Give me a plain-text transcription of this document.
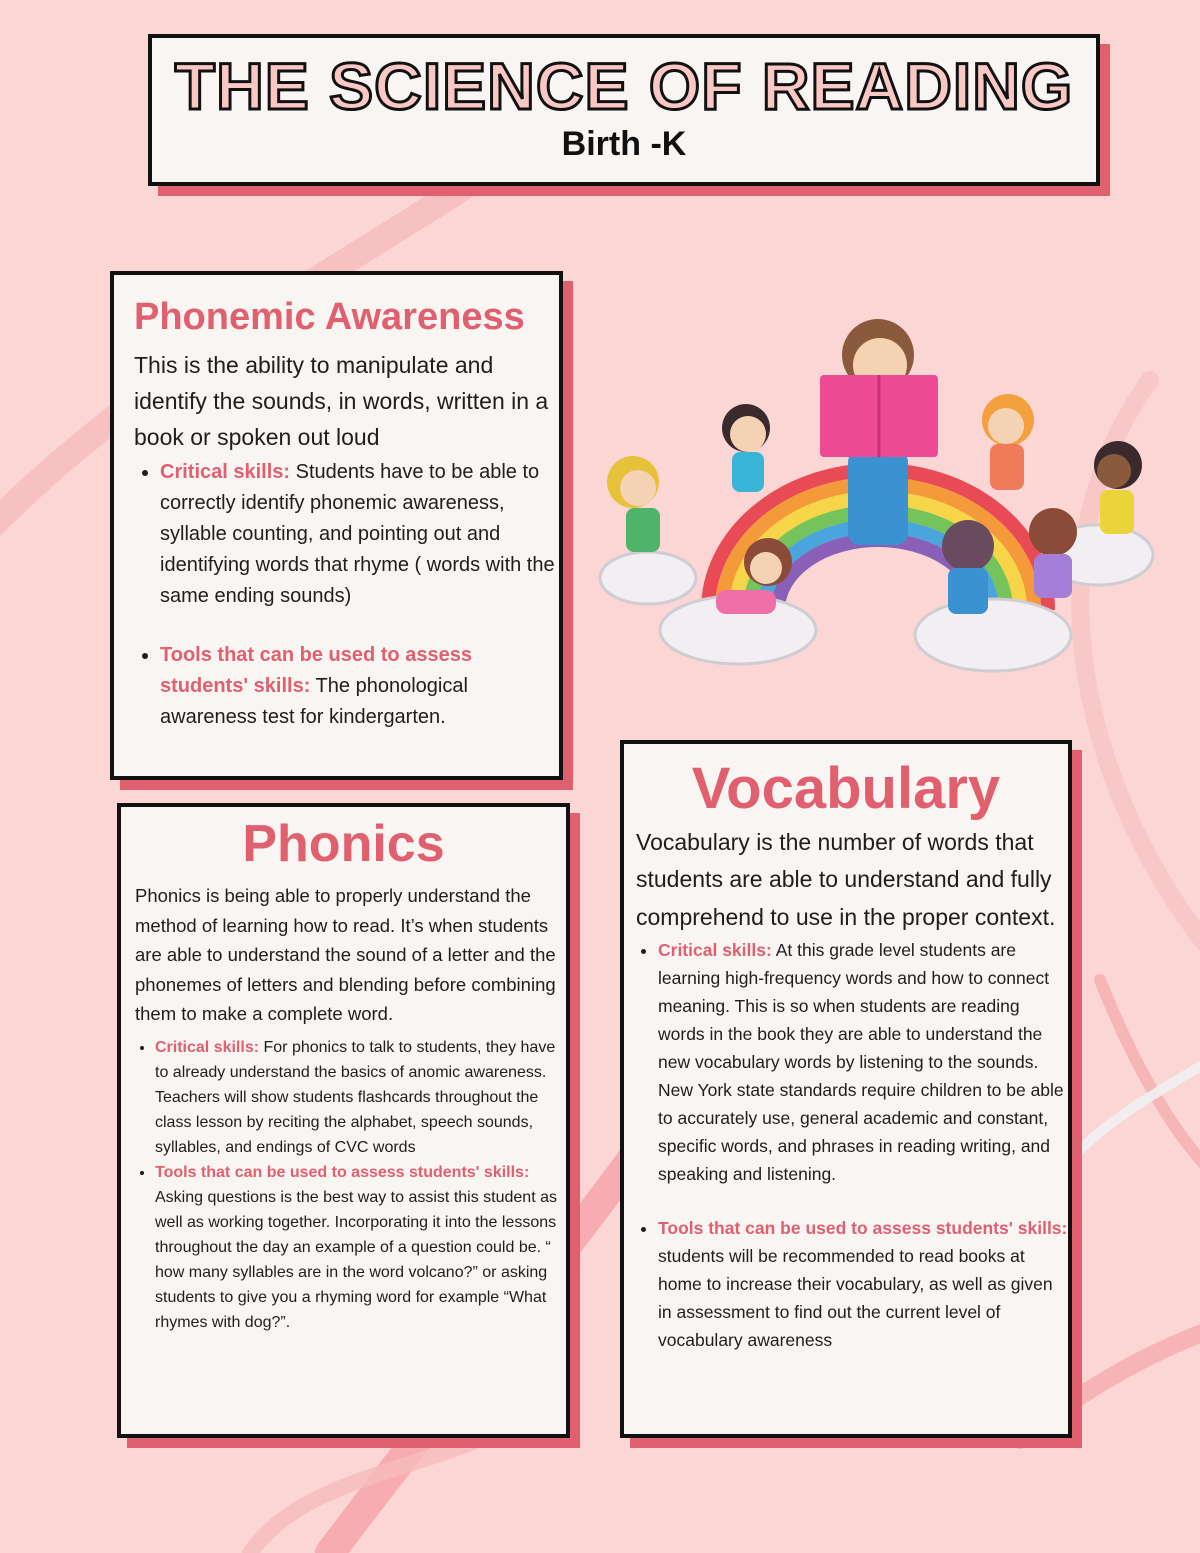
THE SCIENCE OF READING
Birth -K
Phonemic Awareness

This is the ability to manipulate and identify the sounds, in words, written in a book or spoken out loud

• Critical skills: Students have to be able to correctly identify phonemic awareness, syllable counting, and pointing out and identifying words that rhyme ( words with the same ending sounds)
• Tools that can be used to assess students' skills: The phonological awareness test for kindergarten.
Phonics

Phonics is being able to properly understand the method of learning how to read. It’s when students are able to understand the sound of a letter and the phonemes of letters and blending before combining them to make a complete word.

• Critical skills: For phonics to talk to students, they have to already understand the basics of anomic awareness. Teachers will show students flashcards throughout the class lesson by reciting the alphabet, speech sounds, syllables, and endings of CVC words
• Tools that can be used to assess students' skills: Asking questions is the best way to assist this student as well as working together. Incorporating it into the lessons throughout the day an example of a question could be. “ how many syllables are in the word volcano?” or asking students to give you a rhyming word for example “What rhymes with dog?”.
Vocabulary

Vocabulary is the number of words that students are able to understand and fully comprehend to use in the proper context.

• Critical skills: At this grade level students are learning high-frequency words and how to connect meaning. This is so when students are reading words in the book they are able to understand the new vocabulary words by listening to the sounds. New York state standards require children to be able to accurately use, general academic and constant, specific words, and phrases in reading writing, and speaking and listening.
• Tools that can be used to assess students' skills: students will be recommended to read books at home to increase their vocabulary, as well as given in assessment to find out the current level of vocabulary awareness
